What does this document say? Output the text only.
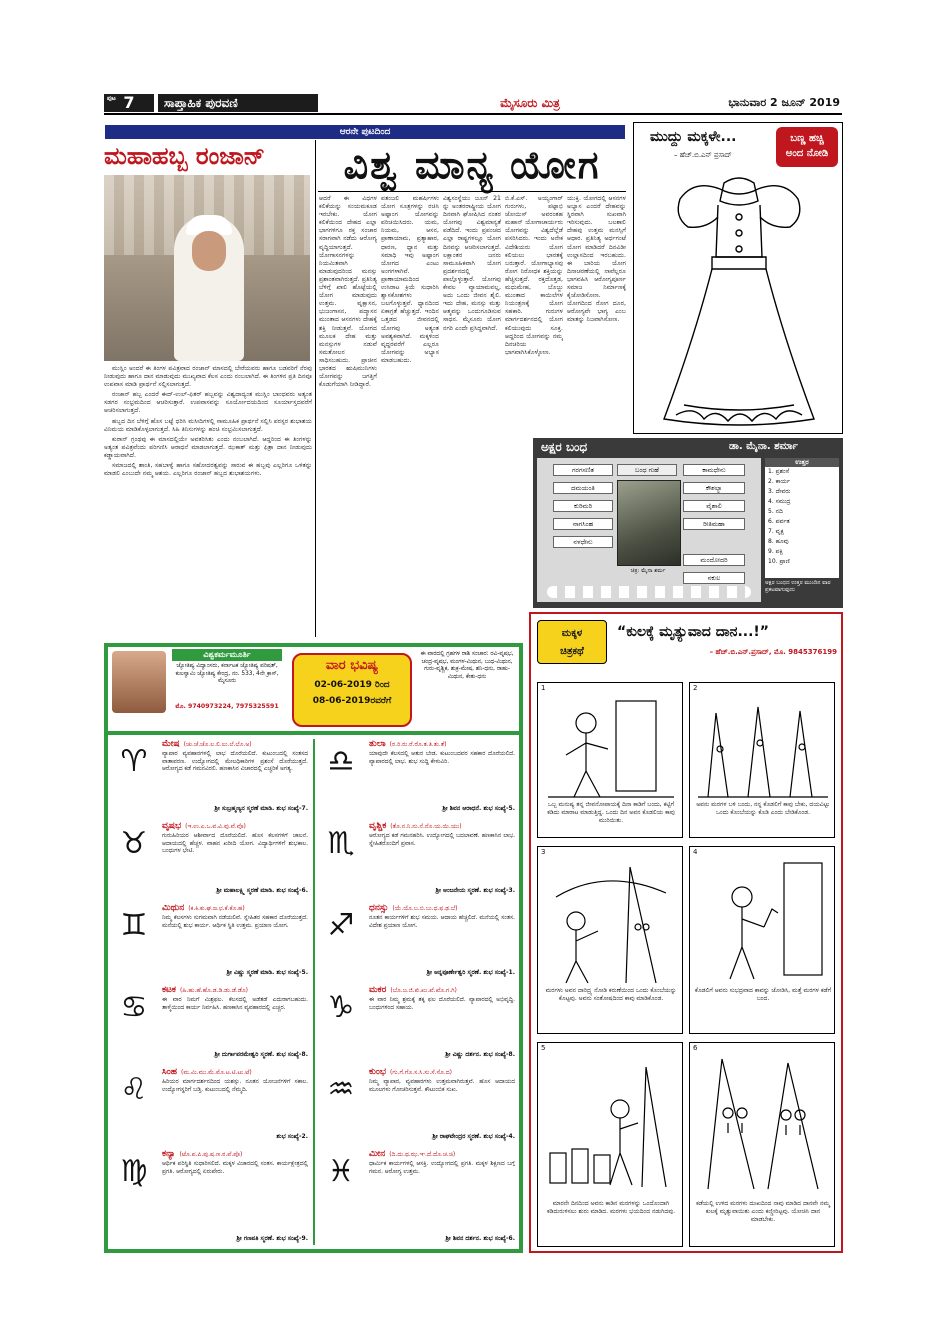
ಪುಟ 7	ಸಾಪ್ತಾಹಿಕ ಪುರವಣಿ	ಮೈಸೂರು ಮಿತ್ರ	ಭಾನುವಾರ 2 ಜೂನ್ 2019
ಆರನೇ ಪುಟದಿಂದ
ಮಹಾಹಬ್ಬ ರಂಜಾನ್

ಮುಸ್ಲಿಂ ಅಂದರೆ ಈ ತಿಂಗಳ ಪವಿತ್ರವಾದ ರಂಜಾನ್ ಮಾಸದಲ್ಲಿ ಬೇರೆಯವರು ಹಾಗೂ ಬಡವರಿಗೆ ನೆರವು ನೀಡುವುದು ಹಾಗೂ ದಾನ ಮಾಡುವುದು ಮುಖ್ಯವಾದ ಕೆಲಸ ಎಂದು ನಂಬಲಾಗಿದೆ. ಈ ತಿಂಗಳಿನ ಪ್ರತಿ ದಿನವೂ ಉಪವಾಸ ಮಾಡಿ ಪ್ರಾರ್ಥನೆ ಸಲ್ಲಿಸಲಾಗುತ್ತದೆ.

ರಂಜಾನ್ ಹಬ್ಬ ಎಂದರೆ ಈದ್-ಉಲ್-ಫಿತರ್ ಹಬ್ಬವನ್ನು ವಿಶ್ವದಾದ್ಯಂತ ಮುಸ್ಲಿಂ ಬಾಂಧವರು ಅತ್ಯಂತ ಸಡಗರ ಸಂಭ್ರಮದಿಂದ ಆಚರಿಸುತ್ತಾರೆ. ಉಪವಾಸವನ್ನು ಸೂರ್ಯೋದಯದಿಂದ ಸೂರ್ಯಾಸ್ತದವರೆಗೆ ಆಚರಿಸಲಾಗುತ್ತದೆ.

ಹಬ್ಬದ ದಿನ ಬೆಳಿಗ್ಗೆ ಹೊಸ ಬಟ್ಟೆ ಧರಿಸಿ ಮಸೀದಿಗಳಲ್ಲಿ ಸಾಮೂಹಿಕ ಪ್ರಾರ್ಥನೆ ಸಲ್ಲಿಸಿ ಪರಸ್ಪರ ಶುಭಾಶಯ ವಿನಿಮಯ ಮಾಡಿಕೊಳ್ಳಲಾಗುತ್ತದೆ. ಸಿಹಿ ತಿನಿಸುಗಳನ್ನು ಹಂಚಿ ಸಂಭ್ರಮಿಸಲಾಗುತ್ತದೆ.

ಕುರಾನ್ ಗ್ರಂಥವು ಈ ಮಾಸದಲ್ಲಿಯೇ ಅವತರಿಸಿತು ಎಂದು ನಂಬಲಾಗಿದೆ. ಆದ್ದರಿಂದ ಈ ತಿಂಗಳನ್ನು ಅತ್ಯಂತ ಪವಿತ್ರವೆಂದು ಪರಿಗಣಿಸಿ ಆರಾಧನೆ ಮಾಡಲಾಗುತ್ತದೆ. ಝಕಾತ್ ಮತ್ತು ಫಿತ್ರಾ ದಾನ ನೀಡುವುದು ಕಡ್ಡಾಯವಾಗಿದೆ.

ಸಮಾಜದಲ್ಲಿ ಶಾಂತಿ, ಸಹಬಾಳ್ವೆ ಹಾಗೂ ಸಹೋದರತ್ವವನ್ನು ಸಾರುವ ಈ ಹಬ್ಬವು ಎಲ್ಲರಿಗೂ ಒಳಿತನ್ನು ಮಾಡಲಿ ಎಂಬುದೇ ನಮ್ಮ ಆಶಯ. ಎಲ್ಲರಿಗೂ ರಂಜಾನ್ ಹಬ್ಬದ ಶುಭಾಶಯಗಳು.

ವಿಶ್ವ ಮಾನ್ಯ ಯೋಗ
ಆದರೆ ಈ ವಿಧಗಳ ಕಲಿಕೆಯನ್ನು ಸಂಯಮಕೂಡ ಇರಬೇಕು. ಯೋಗ ಕಲಿಕೆಯಿಂದ ದೇಹದ ಎಲ್ಲಾ ಭಾಗಗಳಿಗೂ ರಕ್ತ ಸಂಚಾರ ಸರಾಗವಾಗಿ ನಡೆದು ಆರೋಗ್ಯ ವೃದ್ಧಿಯಾಗುತ್ತದೆ. ಯೋಗಾಸನಗಳನ್ನು ನಿಯಮಿತವಾಗಿ ಮಾಡುವುದರಿಂದ ಮನಸ್ಸು ಪ್ರಶಾಂತವಾಗಿರುತ್ತದೆ. ಪ್ರತಿನಿತ್ಯ ಬೆಳಿಗ್ಗೆ ಖಾಲಿ ಹೊಟ್ಟೆಯಲ್ಲಿ ಯೋಗ ಮಾಡುವುದು ಉತ್ತಮ. ವೃಕ್ಷಾಸನ, ಭುಜಂಗಾಸನ, ಪದ್ಮಾಸನ ಮುಂತಾದ ಆಸನಗಳು ದೇಹಕ್ಕೆ ಶಕ್ತಿ ನೀಡುತ್ತವೆ. ಯೋಗದ ಮೂಲಕ ದೇಹ ಮತ್ತು ಮನಸ್ಸುಗಳ ನಡುವೆ ಸಮತೋಲನ ಸಾಧಿಸಬಹುದು. ಪ್ರಾಚೀನ ಭಾರತದ ಋಷಿಮುನಿಗಳು ಯೋಗವನ್ನು ಜಗತ್ತಿಗೆ ಕೊಡುಗೆಯಾಗಿ ನೀಡಿದ್ದಾರೆ.
ಪತಂಜಲಿ ಮಹರ್ಷಿಗಳು ಯೋಗ ಸೂತ್ರಗಳನ್ನು ರಚಿಸಿ ಅಷ್ಟಾಂಗ ಯೋಗವನ್ನು ಪರಿಚಯಿಸಿದರು. ಯಮ, ನಿಯಮ, ಆಸನ, ಪ್ರಾಣಾಯಾಮ, ಪ್ರತ್ಯಾಹಾರ, ಧಾರಣ, ಧ್ಯಾನ ಮತ್ತು ಸಮಾಧಿ ಇವು ಅಷ್ಟಾಂಗ ಯೋಗದ ಎಂಟು ಅಂಗಗಳಾಗಿವೆ. ಪ್ರಾಣಾಯಾಮದಿಂದ ಉಸಿರಾಟ ಕ್ರಿಯೆ ಸುಧಾರಿಸಿ ಶ್ವಾಸಕೋಶಗಳು ಬಲಗೊಳ್ಳುತ್ತವೆ. ಧ್ಯಾನದಿಂದ ಏಕಾಗ್ರತೆ ಹೆಚ್ಚುತ್ತದೆ. ಇಂದಿನ ಒತ್ತಡದ ಜೀವನದಲ್ಲಿ ಯೋಗವು ಅತ್ಯಂತ ಅವಶ್ಯಕವಾಗಿದೆ. ಮಕ್ಕಳಿಂದ ವೃದ್ಧರವರೆಗೆ ಎಲ್ಲರೂ ಯೋಗವನ್ನು ಅಭ್ಯಾಸ ಮಾಡಬಹುದು.
ವಿಶ್ವಸಂಸ್ಥೆಯು ಜೂನ್ 21 ನ್ನು ಅಂತರರಾಷ್ಟ್ರೀಯ ಯೋಗ ದಿನವಾಗಿ ಘೋಷಿಸಿದ ನಂತರ ಯೋಗವು ವಿಶ್ವಮಾನ್ಯತೆ ಪಡೆದಿದೆ. ಇಂದು ಪ್ರಪಂಚದ ಎಲ್ಲಾ ರಾಷ್ಟ್ರಗಳಲ್ಲೂ ಯೋಗ ದಿನವನ್ನು ಆಚರಿಸಲಾಗುತ್ತದೆ. ಲಕ್ಷಾಂತರ ಜನರು ಸಾಮೂಹಿಕವಾಗಿ ಯೋಗ ಪ್ರದರ್ಶನದಲ್ಲಿ ಪಾಲ್ಗೊಳ್ಳುತ್ತಾರೆ. ಯೋಗವು ಕೇವಲ ವ್ಯಾಯಾಮವಲ್ಲ, ಅದು ಒಂದು ಜೀವನ ಶೈಲಿ. ಇದು ದೇಹ, ಮನಸ್ಸು ಮತ್ತು ಆತ್ಮವನ್ನು ಒಂದುಗೂಡಿಸುವ ಸಾಧನ. ಮೈಸೂರು ಯೋಗ ನಗರಿ ಎಂದೇ ಪ್ರಸಿದ್ಧವಾಗಿದೆ.
ಬಿ.ಕೆ.ಎಸ್. ಅಯ್ಯಂಗಾರ್ ಗುರುಗಳು, ಪಟ್ಟಾಭಿ ಜೋಯಿಸ್ ಅವರಂತಹ ಮಹಾನ್ ಯೋಗಾಚಾರ್ಯರು ಯೋಗವನ್ನು ವಿಶ್ವದೆಲ್ಲೆಡೆ ಪಸರಿಸಿದರು. ಇಂದು ಅನೇಕ ವಿದೇಶಿಯರು ಯೋಗ ಕಲಿಯಲು ಭಾರತಕ್ಕೆ ಬರುತ್ತಾರೆ. ಯೋಗಾಭ್ಯಾಸವು ರೋಗ ನಿರೋಧಕ ಶಕ್ತಿಯನ್ನು ಹೆಚ್ಚಿಸುತ್ತದೆ. ರಕ್ತದೊತ್ತಡ, ಮಧುಮೇಹ, ಬೊಜ್ಜು ಮುಂತಾದ ಕಾಯಿಲೆಗಳ ನಿಯಂತ್ರಣಕ್ಕೆ ಯೋಗ ಸಹಕಾರಿ. ಗುರುಗಳ ಮಾರ್ಗದರ್ಶನದಲ್ಲಿ ಯೋಗ ಕಲಿಯುವುದು ಸೂಕ್ತ. ಆದ್ದರಿಂದ ಯೋಗವನ್ನು ನಮ್ಮ ದಿನಚರಿಯ ಭಾಗವಾಗಿಸಿಕೊಳ್ಳೋಣ.
ಯುಕ್ತಿ. ಯೋಗದಲ್ಲಿ ಆಸನಗಳ ಅಭ್ಯಾಸ ಎಂದರೆ ದೇಹವನ್ನು ಸ್ಥಿರವಾಗಿ ಸುಖವಾಗಿ ಇರಿಸುವುದು. ಬಲಶಾಲಿ ದೇಹವು ಉತ್ತಮ ಮನಸ್ಸಿಗೆ ಆಧಾರ. ಪ್ರತಿನಿತ್ಯ ಅರ್ಧಗಂಟೆ ಯೋಗ ಮಾಡಿದರೆ ದಿನವಿಡೀ ಉಲ್ಲಾಸದಿಂದ ಇರಬಹುದು. ಈ ಬಾರಿಯ ಯೋಗ ದಿನಾಚರಣೆಯಲ್ಲಿ ನಾವೆಲ್ಲರೂ ಭಾಗವಹಿಸಿ ಆರೋಗ್ಯಪೂರ್ಣ ಸಮಾಜ ನಿರ್ಮಾಣಕ್ಕೆ ಕೈಜೋಡಿಸೋಣ. ಯೋಗದಿಂದ ರೋಗ ದೂರ, ಆರೋಗ್ಯವೇ ಭಾಗ್ಯ ಎಂಬ ಮಾತನ್ನು ನಿಜವಾಗಿಸೋಣ.
ಮುದ್ದು ಮಕ್ಕಳೇ...
– ಹೆಚ್.ಬಿ.ಎನ್ ಪ್ರಸಾದ್
ಬಣ್ಣ ಹಚ್ಚಿ
ಅಂದ ನೋಡಿ
ಅಕ್ಷರ ಬಂಧ	ಡಾ. ಮೈನಾ. ಶರ್ಮಾ
ಗರಗಸಣಿತ	ಬಂಧ ಗುಹೆ	ಕಾಮಧೇನು
ದಮಯಂತಿ	ಕೌಶಲ್ಯಾ
ಕುರಿಮರಿ	ವೈಶಾಲಿ
ನಾಗಸಿಂಹ	ರೀತಿಮಹಾ
ನಳಧೇನು
ಮಂದೋದರಿ
ನಕುಲ
ಚಿತ್ರ: ಮೈನಾ ಶರ್ಮ
ಉತ್ತರ
1. ಪ್ರಶಂಸೆ
2. ಕಾರ್ಯ
3. ದೇವರು
4. ಸಮುದ್ರ
5. ನದಿ
6. ಪರ್ವತ
7. ವೃಕ್ಷ
8. ಹೂವು
9. ಪಕ್ಷಿ
10. ಪ್ರಾಣಿ
ಅಕ್ಷರ ಬಂಧದ ಉತ್ತರ ಮುಂದಿನ ವಾರ ಪ್ರಕಟವಾಗುವುದು
ವಿಶ್ವಕರ್ಮಮೂರ್ತಿ
ಜ್ಯೋತಿಷ್ಯ ವಿದ್ವಾಂಸರು, ಕರ್ನಾಟಕ ಜ್ಯೋತಿಷ್ಯ ಪರಿಷತ್, ಕುಲಸ್ವಾಮಿ ಜ್ಯೋತಿಷ್ಯ ಕೇಂದ್ರ, ನಂ. 533, 4ನೇ ಕ್ರಾಸ್, ಮೈಸೂರು
ಮೊ. 9740973224, 7975325591
ವಾರ ಭವಿಷ್ಯ
02-06-2019 ರಿಂದ
08-06-2019ರವರೆಗೆ
ಈ ವಾರದಲ್ಲಿ ಗ್ರಹಗಳ ರಾಶಿ ಸಂಚಾರ: ರವಿ-ವೃಷಭ, ಚಂದ್ರ-ವೃಷಭ, ಮಂಗಳ-ಮಿಥುನ, ಬುಧ-ಮಿಥುನ, ಗುರು-ವೃಶ್ಚಿಕ, ಶುಕ್ರ-ಮೇಷ, ಶನಿ-ಧನು, ರಾಹು-ಮಿಥುನ, ಕೇತು-ಧನು
♈	ಮೇಷ (ಚು.ಚೆ.ಚೊ.ಲ.ಲಿ.ಲು.ಲೆ.ಲೊ.ಅ)
ವ್ಯಾಪಾರ ವ್ಯವಹಾರಗಳಲ್ಲಿ ಲಾಭ ದೊರೆಯಲಿದೆ. ಕುಟುಂಬದಲ್ಲಿ ಸಂತಸದ ವಾತಾವರಣ. ಉದ್ಯೋಗದಲ್ಲಿ ಮೇಲಧಿಕಾರಿಗಳ ಪ್ರಶಂಸೆ ದೊರೆಯುತ್ತದೆ. ಆರೋಗ್ಯದ ಕಡೆ ಗಮನವಿರಲಿ. ಹಣಕಾಸಿನ ವಿಚಾರದಲ್ಲಿ ಎಚ್ಚರಿಕೆ ಅಗತ್ಯ.
ಶ್ರೀ ಸುಬ್ರಹ್ಮಣ್ಯನ ಸ್ಮರಣೆ ಮಾಡಿ. ಶುಭ ಸಂಖ್ಯೆ-7.
♉	ವೃಷಭ (ಇ.ಉ.ಎ.ಒ.ವ.ವಿ.ವು.ವೆ.ವೊ)
ಗುರುಹಿರಿಯರ ಆಶೀರ್ವಾದ ದೊರೆಯಲಿದೆ. ಹೊಸ ಕೆಲಸಗಳಿಗೆ ಚಾಲನೆ. ಆದಾಯದಲ್ಲಿ ಹೆಚ್ಚಳ. ವಾಹನ ಖರೀದಿ ಯೋಗ. ವಿದ್ಯಾರ್ಥಿಗಳಿಗೆ ಶುಭಕಾಲ. ಬಂಧುಗಳ ಭೇಟಿ.
ಶ್ರೀ ಮಹಾಲಕ್ಷ್ಮಿ ಸ್ಮರಣೆ ಮಾಡಿ. ಶುಭ ಸಂಖ್ಯೆ-6.
♊	ಮಿಥುನ (ಕ.ಕಿ.ಕು.ಘ.ಙ.ಛ.ಕೆ.ಕೊ.ಹ)
ನಿಮ್ಮ ಕೆಲಸಗಳು ಸುಗಮವಾಗಿ ನಡೆಯಲಿವೆ. ಸ್ನೇಹಿತರ ಸಹಕಾರ ದೊರೆಯುತ್ತದೆ. ಮನೆಯಲ್ಲಿ ಶುಭ ಕಾರ್ಯ. ಆರ್ಥಿಕ ಸ್ಥಿತಿ ಉತ್ತಮ. ಪ್ರಯಾಣ ಯೋಗ.
ಶ್ರೀ ವಿಷ್ಣು ಸ್ಮರಣೆ ಮಾಡಿ. ಶುಭ ಸಂಖ್ಯೆ-5.
♋	ಕಟಕ (ಹಿ.ಹು.ಹೆ.ಹೊ.ಡ.ಡಿ.ಡು.ಡೆ.ಡೊ)
ಈ ವಾರ ನಿಮಗೆ ಮಿಶ್ರಫಲ. ಕೆಲಸದಲ್ಲಿ ಅಡೆತಡೆ ಎದುರಾಗಬಹುದು. ತಾಳ್ಮೆಯಿಂದ ಕಾರ್ಯ ನಿರ್ವಹಿಸಿ. ಹಣಕಾಸಿನ ವ್ಯವಹಾರದಲ್ಲಿ ಎಚ್ಚರ.
ಶ್ರೀ ದುರ್ಗಾಪರಮೇಶ್ವರಿ ಸ್ಮರಣೆ. ಶುಭ ಸಂಖ್ಯೆ-8.
♌	ಸಿಂಹ (ಮ.ಮಿ.ಮು.ಮೆ.ಮೊ.ಟ.ಟಿ.ಟು.ಟೆ)
ಹಿರಿಯರ ಮಾರ್ಗದರ್ಶನದಿಂದ ಯಶಸ್ಸು. ನೂತನ ಯೋಜನೆಗಳಿಗೆ ಸಕಾಲ. ಉದ್ಯೋಗಸ್ಥರಿಗೆ ಬಡ್ತಿ. ಕುಟುಂಬದಲ್ಲಿ ನೆಮ್ಮದಿ.
ಶುಭ ಸಂಖ್ಯೆ-2.
♍	ಕನ್ಯಾ (ಟೊ.ಪ.ಪಿ.ಪು.ಷ.ಣ.ಠ.ಪೆ.ಪೊ)
ಆರ್ಥಿಕ ಪರಿಸ್ಥಿತಿ ಸುಧಾರಿಸಲಿದೆ. ಮಕ್ಕಳ ವಿಚಾರದಲ್ಲಿ ಸಂತಸ. ಕಾರ್ಯಕ್ಷೇತ್ರದಲ್ಲಿ ಪ್ರಗತಿ. ಆರೋಗ್ಯದಲ್ಲಿ ಏರುಪೇರು.
ಶ್ರೀ ಗಣಪತಿ ಸ್ಮರಣೆ. ಶುಭ ಸಂಖ್ಯೆ-9.
♎	ತುಲಾ (ರ.ರಿ.ರು.ರೆ.ರೊ.ತ.ತಿ.ತು.ತೆ)
ಯಾವುದೇ ಕೆಲಸದಲ್ಲಿ ಆತುರ ಬೇಡ. ಕುಟುಂಬದವರ ಸಹಕಾರ ದೊರೆಯಲಿದೆ. ವ್ಯಾಪಾರದಲ್ಲಿ ಲಾಭ. ಶುಭ ಸುದ್ದಿ ಕೇಳುವಿರಿ.
ಶ್ರೀ ಶಿವನ ಆರಾಧನೆ. ಶುಭ ಸಂಖ್ಯೆ-5.
♏	ವೃಶ್ಚಿಕ (ತೊ.ನ.ನಿ.ನು.ನೆ.ನೊ.ಯ.ಯಿ.ಯು)
ಆರೋಗ್ಯದ ಕಡೆ ಗಮನಹರಿಸಿ. ಉದ್ಯೋಗದಲ್ಲಿ ಬದಲಾವಣೆ. ಹಣಕಾಸಿನ ಲಾಭ. ಸ್ನೇಹಿತರೊಂದಿಗೆ ಪ್ರವಾಸ.
ಶ್ರೀ ಆಂಜನೇಯ ಸ್ಮರಣೆ. ಶುಭ ಸಂಖ್ಯೆ-3.
♐	ಧನಸ್ಸು (ಯೆ.ಯೊ.ಬ.ಬಿ.ಬು.ಧ.ಫ.ಢ.ಬೆ)
ನೂತನ ಕಾರ್ಯಗಳಿಗೆ ಶುಭ ಸಮಯ. ಆದಾಯ ಹೆಚ್ಚಲಿದೆ. ಮನೆಯಲ್ಲಿ ಸಂತಸ. ವಿದೇಶ ಪ್ರಯಾಣ ಯೋಗ.
ಶ್ರೀ ಅನ್ನಪೂರ್ಣೇಶ್ವರಿ ಸ್ಮರಣೆ. ಶುಭ ಸಂಖ್ಯೆ-1.
♑	ಮಕರ (ಬೊ.ಜ.ಜಿ.ಖಿ.ಖು.ಖೆ.ಖೊ.ಗ.ಗಿ)
ಈ ವಾರ ನಿಮ್ಮ ಶ್ರಮಕ್ಕೆ ತಕ್ಕ ಫಲ ದೊರೆಯಲಿದೆ. ವ್ಯಾಪಾರದಲ್ಲಿ ಅಭಿವೃದ್ಧಿ. ಬಂಧುಗಳಿಂದ ಸಹಾಯ.
ಶ್ರೀ ವಿಷ್ಣು ದರ್ಶನ. ಶುಭ ಸಂಖ್ಯೆ-8.
♒	ಕುಂಭ (ಗು.ಗೆ.ಗೊ.ಸ.ಸಿ.ಸು.ಸೆ.ಸೊ.ದ)
ನಿಮ್ಮ ವ್ಯಾಪಾರ, ವ್ಯವಹಾರಗಳು ಉತ್ತಮವಾಗಿರುತ್ತವೆ. ಹೊಸ ಆದಾಯದ ಮೂಲಗಳು ಗೋಚರಿಸುತ್ತವೆ. ಕೌಟುಂಬಿಕ ಸುಖ.
ಶ್ರೀ ರಾಘವೇಂದ್ರರ ಸ್ಮರಣೆ. ಶುಭ ಸಂಖ್ಯೆ-4.
♓	ಮೀನ (ದಿ.ದು.ಥ.ಝ.ಞ.ದೆ.ದೊ.ಚ.ಚಿ)
ಧಾರ್ಮಿಕ ಕಾರ್ಯಗಳಲ್ಲಿ ಆಸಕ್ತಿ. ಉದ್ಯೋಗದಲ್ಲಿ ಪ್ರಗತಿ. ಮಕ್ಕಳ ಶಿಕ್ಷಣದ ಬಗ್ಗೆ ಗಮನ. ಆರೋಗ್ಯ ಉತ್ತಮ.
ಶ್ರೀ ಶಿವನ ದರ್ಶನ. ಶುಭ ಸಂಖ್ಯೆ-6.
ಮಕ್ಕಳ
ಚಿತ್ರಕಥೆ
“ಕುಲಕ್ಕೆ ಮೃತ್ಯುವಾದ ದಾನ...!”
– ಹೆಚ್.ಬಿ.ಎನ್.ಪ್ರಸಾದ್, ಮೊ. 9845376199
1
ಒಬ್ಬ ಮನುಷ್ಯ ತನ್ನ ಜೀವನೋಪಾಯಕ್ಕೆ ದಿನಾ ಕಾಡಿಗೆ ಬಂದು, ಕಟ್ಟಿಗೆ ಕಡಿದು ಮಾರಾಟ ಮಾಡುತ್ತಿದ್ದ. ಒಂದು ದಿನ ಅವನ ಕೊಡಲಿಯ ಕಾವು ಮುರಿಯಿತು.
2
ಅವನು ಮರಗಳ ಬಳಿ ಬಂದು, ನನ್ನ ಕೊಡಲಿಗೆ ಕಾವು ಬೇಕು, ದಯವಿಟ್ಟು ಒಂದು ಕೊಂಬೆಯನ್ನು ಕೊಡಿ ಎಂದು ಬೇಡಿಕೊಂಡ.
3
ಮರಗಳು ಅವನ ದಾರಿದ್ರ್ಯ ನೋಡಿ ಕರುಣೆಯಿಂದ ಒಂದು ಕೊಂಬೆಯನ್ನು ಕೊಟ್ಟವು. ಅವನು ಸಂತೋಷದಿಂದ ಕಾವು ಮಾಡಿಕೊಂಡ.
4
ಕೊಡಲಿಗೆ ಅವನು ಸುಭದ್ರವಾದ ಕಾವನ್ನು ಜೋಡಿಸಿ, ಮತ್ತೆ ಮರಗಳ ಕಡೆಗೆ ಬಂದ.
5
ಮಾರನೇ ದಿನದಿಂದ ಅವನು ಕಾಡಿನ ಮರಗಳನ್ನು ಒಂದೊಂದಾಗಿ ಕಡಿದುರುಳಿಸಲು ಶುರು ಮಾಡಿದ. ಮರಗಳು ಭಯದಿಂದ ನಡುಗಿದವು.
6
ಕಡೆಯಲ್ಲಿ ಉಳಿದ ಮರಗಳು ದುಃಖದಿಂದ ನಾವು ಮಾಡಿದ ದಾನವೇ ನಮ್ಮ ಕುಲಕ್ಕೆ ಮೃತ್ಯುವಾಯಿತು ಎಂದು ಕಣ್ಣೀರಿಟ್ಟವು. ಯೋಚಿಸಿ ದಾನ ಮಾಡಬೇಕು.
